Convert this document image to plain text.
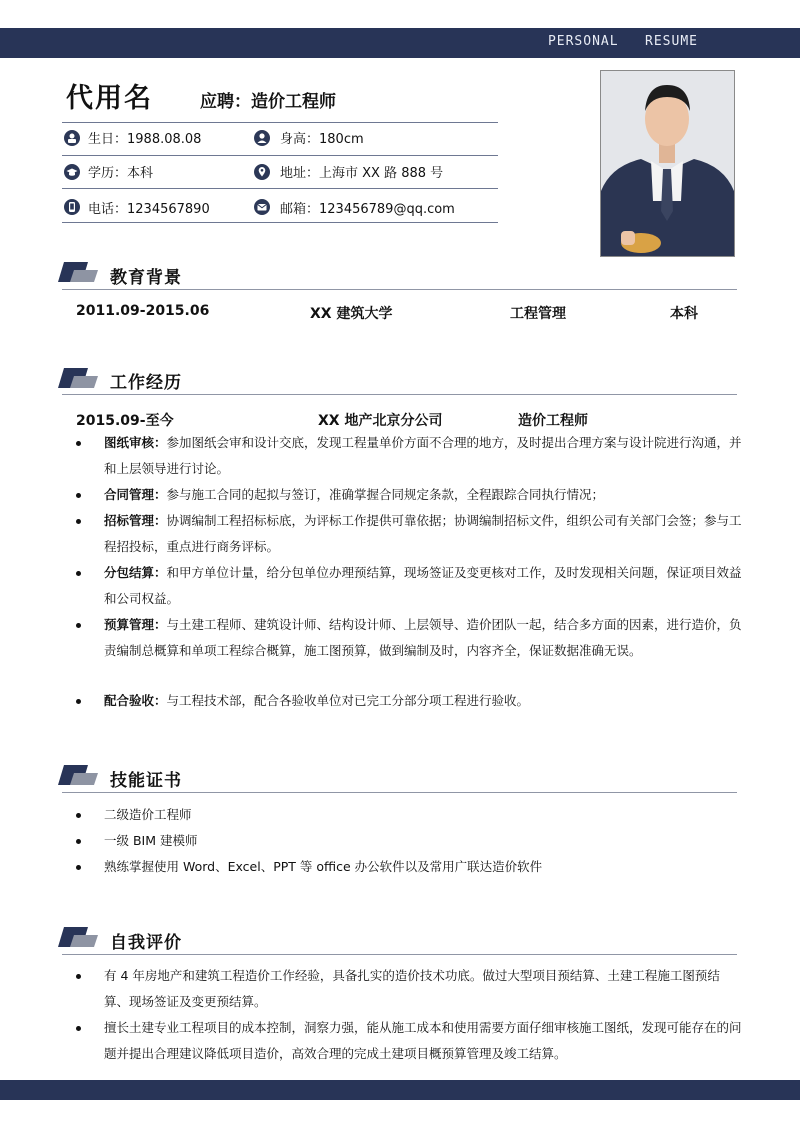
PERSONAL   RESUME
代用名	应聘：造价工程师
生日：1988.08.08	身高：180cm
学历：本科	地址：上海市 XX 路 888 号
电话：1234567890	邮箱：123456789@qq.com
教育背景
2011.09-2015.06	XX 建筑大学	工程管理	本科
工作经历
2015.09-至今	XX 地产北京分公司	造价工程师
图纸审核：参加图纸会审和设计交底，发现工程量单价方面不合理的地方，及时提出合理方案与设计院进行沟通，并和上层领导进行讨论。
合同管理：参与施工合同的起拟与签订，准确掌握合同规定条款，全程跟踪合同执行情况；
招标管理：协调编制工程招标标底，为评标工作提供可靠依据；协调编制招标文件，组织公司有关部门会签；参与工程招投标，重点进行商务评标。
分包结算：和甲方单位计量，给分包单位办理预结算，现场签证及变更核对工作，及时发现相关问题，保证项目效益和公司权益。
预算管理：与土建工程师、建筑设计师、结构设计师、上层领导、造价团队一起，结合多方面的因素，进行造价，负责编制总概算和单项工程综合概算，施工图预算，做到编制及时，内容齐全，保证数据准确无误。
配合验收：与工程技术部，配合各验收单位对已完工分部分项工程进行验收。
技能证书
二级造价工程师
一级 BIM 建模师
熟练掌握使用 Word、Excel、PPT 等 office 办公软件以及常用广联达造价软件
自我评价
有 4 年房地产和建筑工程造价工作经验，具备扎实的造价技术功底。做过大型项目预结算、土建工程施工图预结算、现场签证及变更预结算。
擅长土建专业工程项目的成本控制，洞察力强，能从施工成本和使用需要方面仔细审核施工图纸，发现可能存在的问题并提出合理建议降低项目造价，高效合理的完成土建项目概预算管理及竣工结算。
